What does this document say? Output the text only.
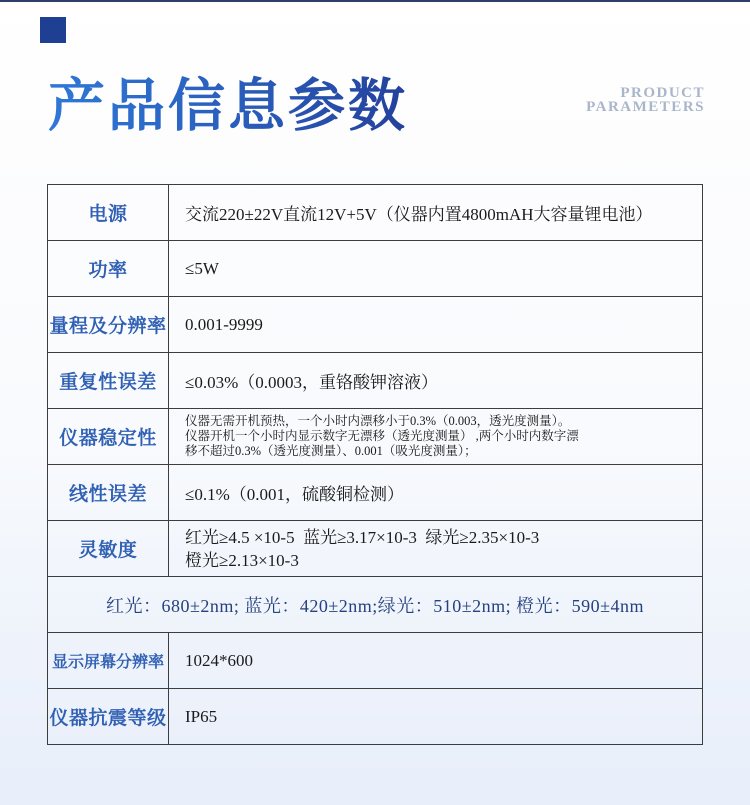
产品信息参数	PRODUCT
PARAMETERS
电源	交流220±22V直流12V+5V（仪器内置4800mAH大容量锂电池）
功率	≤5W
量程及分辨率	0.001-9999
重复性误差	≤0.03%（0.0003，重铬酸钾溶液）
仪器稳定性	仪器无需开机预热，一个小时内漂移小于0.3%（0.003，透光度测量）。
仪器开机一个小时内显示数字无漂移（透光度测量） ,两个小时内数字漂
移不超过0.3%（透光度测量）、0.001（吸光度测量）；

线性误差	≤0.1%（0.001，硫酸铜检测）
灵敏度	红光≥4.5 ×10-5  蓝光≥3.17×10-3  绿光≥2.35×10-3
橙光≥2.13×10-3

红光：680±2nm; 蓝光：420±2nm;绿光：510±2nm; 橙光：590±4nm	
显示屏幕分辨率	1024*600
仪器抗震等级	IP65
